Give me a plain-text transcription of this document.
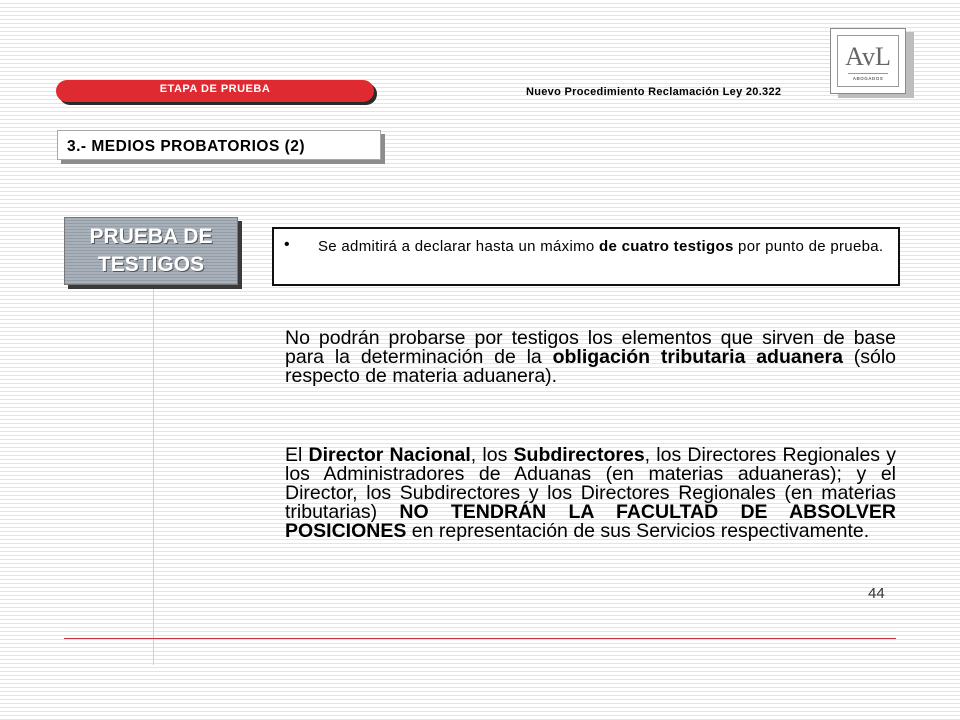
ETAPA DE PRUEBA	Nuevo Procedimiento Reclamación Ley 20.322
AvL
ABOGADOS
3.- MEDIOS PROBATORIOS (2)
PRUEBA DE
TESTIGOS
• Se admitirá a declarar hasta un máximo de cuatro testigos por punto de prueba.
No podrán probarse por testigos los elementos que sirven de base para la determinación de la obligación tributaria aduanera (sólo respecto de materia aduanera).
El Director Nacional, los Subdirectores, los Directores Regionales y los Administradores de Aduanas (en materias aduaneras); y el Director, los Subdirectores y los Directores Regionales (en materias tributarias) NO TENDRÁN LA FACULTAD DE ABSOLVER POSICIONES en representación de sus Servicios respectivamente.
44
